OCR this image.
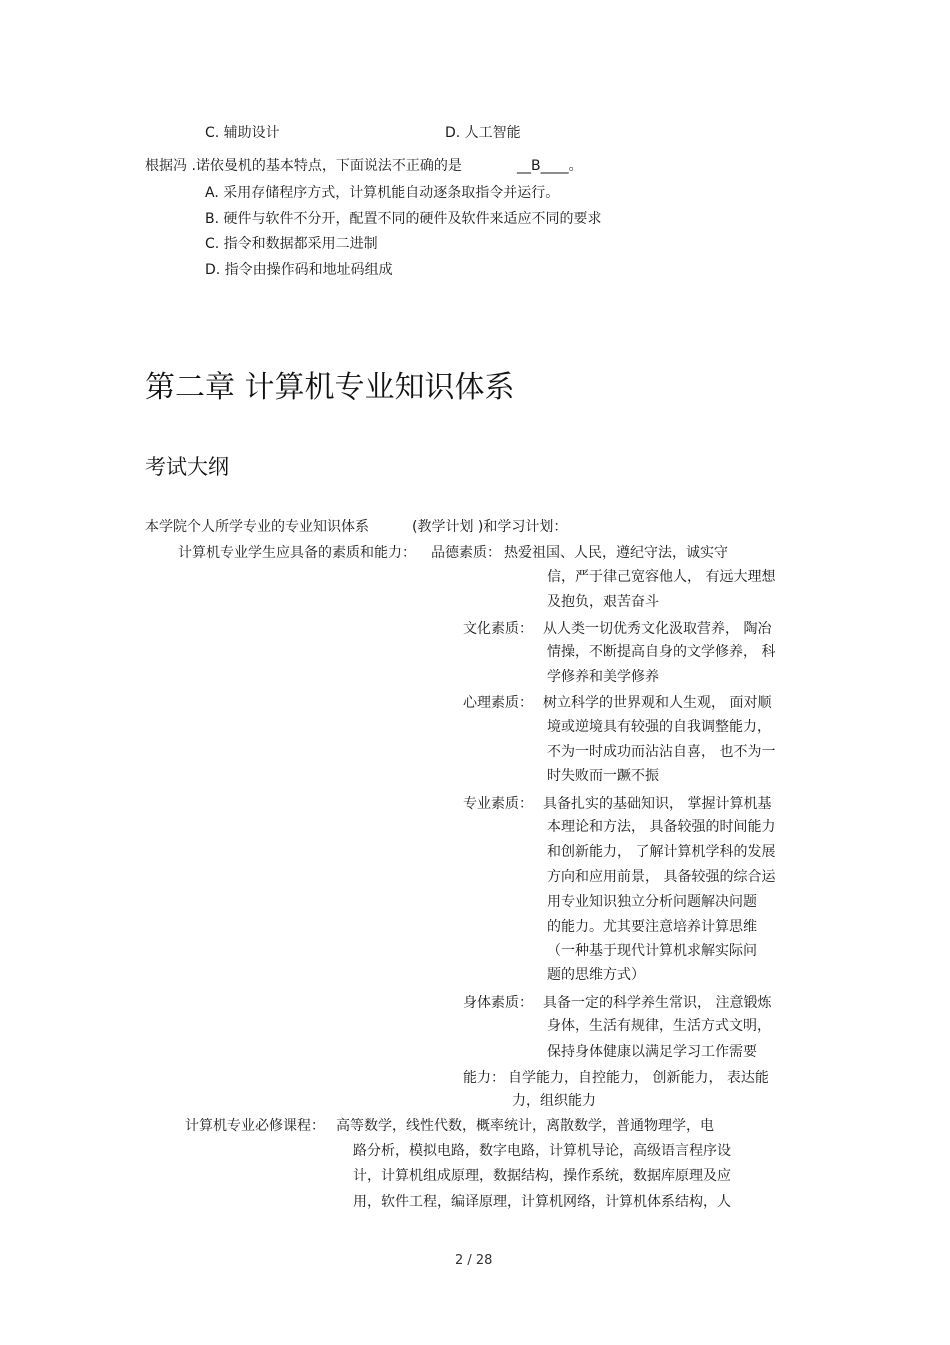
C. 辅助设计	D. 人工智能
根据冯 .诺依曼机的基本特点，下面说法不正确的是	__B____。
A. 采用存储程序方式，计算机能自动逐条取指令并运行。
B. 硬件与软件不分开，配置不同的硬件及软件来适应不同的要求
C. 指令和数据都采用二进制
D. 指令由操作码和地址码组成
第二章 计算机专业知识体系
考试大纲
本学院个人所学专业的专业知识体系	(教学计划 )和学习计划：
计算机专业学生应具备的素质和能力： 品德素质： 热爱祖国、人民，遵纪守法，诚实守
信，严于律己宽容他人， 有远大理想
及抱负，艰苦奋斗
文化素质： 从人类一切优秀文化汲取营养， 陶冶
情操，不断提高自身的文学修养， 科
学修养和美学修养
心理素质： 树立科学的世界观和人生观， 面对顺
境或逆境具有较强的自我调整能力，
不为一时成功而沾沾自喜， 也不为一
时失败而一蹶不振
专业素质： 具备扎实的基础知识， 掌握计算机基
本理论和方法， 具备较强的时间能力
和创新能力， 了解计算机学科的发展
方向和应用前景， 具备较强的综合运
用专业知识独立分析问题解决问题
的能力。尤其要注意培养计算思维
（一种基于现代计算机求解实际问
题的思维方式）
身体素质： 具备一定的科学养生常识， 注意锻炼
身体，生活有规律，生活方式文明，
保持身体健康以满足学习工作需要
能力： 自学能力，自控能力， 创新能力， 表达能
力，组织能力
计算机专业必修课程： 高等数学，线性代数，概率统计，离散数学，普通物理学，电
路分析，模拟电路，数字电路，计算机导论，高级语言程序设
计，计算机组成原理，数据结构，操作系统，数据库原理及应
用，软件工程，编译原理，计算机网络，计算机体系结构，人
2 / 28
